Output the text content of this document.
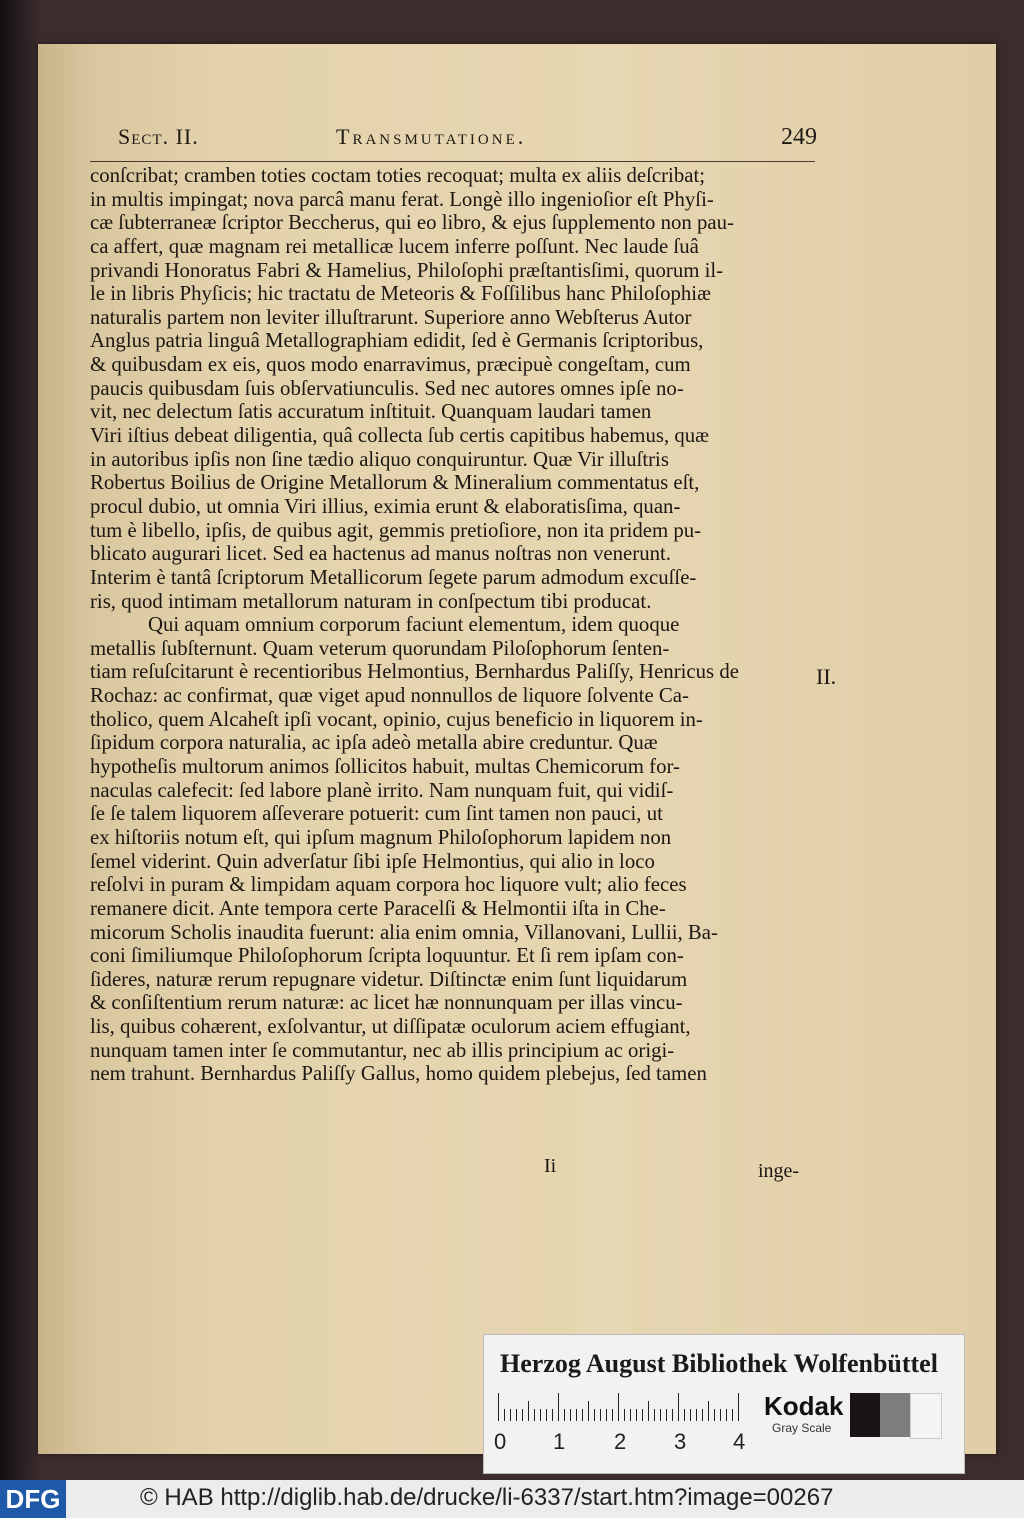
Sect. II.	Transmutatione.	249
conſcribat; cramben toties coctam toties recoquat; multa ex aliis deſcribat;
in multis impingat; nova parcâ manu ferat. Longè illo ingenioſior eſt Phyſi-
cæ ſubterraneæ ſcriptor Beccherus, qui eo libro, & ejus ſupplemento non pau-
ca affert, quæ magnam rei metallicæ lucem inferre poſſunt. Nec laude ſuâ
privandi Honoratus Fabri & Hamelius, Philoſophi præſtantisſimi, quorum il-
le in libris Phyſicis; hic tractatu de Meteoris & Foſſilibus hanc Philoſophiæ
naturalis partem non leviter illuſtrarunt. Superiore anno Webſterus Autor
Anglus patria linguâ Metallographiam edidit, ſed è Germanis ſcriptoribus,
& quibusdam ex eis, quos modo enarravimus, præcipuè congeſtam, cum
paucis quibusdam ſuis obſervatiunculis. Sed nec autores omnes ipſe no-
vit, nec delectum ſatis accuratum inſtituit. Quanquam laudari tamen
Viri iſtius debeat diligentia, quâ collecta ſub certis capitibus habemus, quæ
in autoribus ipſis non ſine tædio aliquo conquiruntur. Quæ Vir illuſtris
Robertus Boilius de Origine Metallorum & Mineralium commentatus eſt,
procul dubio, ut omnia Viri illius, eximia erunt & elaboratisſima, quan-
tum è libello, ipſis, de quibus agit, gemmis pretioſiore, non ita pridem pu-
blicato augurari licet. Sed ea hactenus ad manus noſtras non venerunt.
Interim è tantâ ſcriptorum Metallicorum ſegete parum admodum excuſſe-
ris, quod intimam metallorum naturam in conſpectum tibi producat.
Qui aquam omnium corporum faciunt elementum, idem quoque
metallis ſubſternunt. Quam veterum quorundam Piloſophorum ſenten-
tiam reſuſcitarunt è recentioribus Helmontius, Bernhardus Paliſſy, Henricus de
Rochaz: ac confirmat, quæ viget apud nonnullos de liquore ſolvente Ca-
tholico, quem Alcaheſt ipſi vocant, opinio, cujus beneficio in liquorem in-
ſipidum corpora naturalia, ac ipſa adeò metalla abire creduntur. Quæ
hypotheſis multorum animos ſollicitos habuit, multas Chemicorum for-
naculas calefecit: ſed labore planè irrito. Nam nunquam fuit, qui vidiſ-
ſe ſe talem liquorem aſſeverare potuerit: cum ſint tamen non pauci, ut
ex hiſtoriis notum eſt, qui ipſum magnum Philoſophorum lapidem non
ſemel viderint. Quin adverſatur ſibi ipſe Helmontius, qui alio in loco
reſolvi in puram & limpidam aquam corpora hoc liquore vult; alio feces
remanere dicit. Ante tempora certe Paracelſi & Helmontii iſta in Che-
micorum Scholis inaudita fuerunt: alia enim omnia, Villanovani, Lullii, Ba-
coni ſimiliumque Philoſophorum ſcripta loquuntur. Et ſi rem ipſam con-
ſideres, naturæ rerum repugnare videtur. Diſtinctæ enim ſunt liquidarum
& conſiſtentium rerum naturæ: ac licet hæ nonnunquam per illas vincu-
lis, quibus cohærent, exſolvantur, ut diſſipatæ oculorum aciem effugiant,
nunquam tamen inter ſe commutantur, nec ab illis principium ac origi-
nem trahunt. Bernhardus Paliſſy Gallus, homo quidem plebejus, ſed tamen
II.
Ii	inge-
Herzog August Bibliothek Wolfenbüttel
0 1 2 3 4
Kodak
Gray Scale
DFG	© HAB http://diglib.hab.de/drucke/li-6337/start.htm?image=00267
